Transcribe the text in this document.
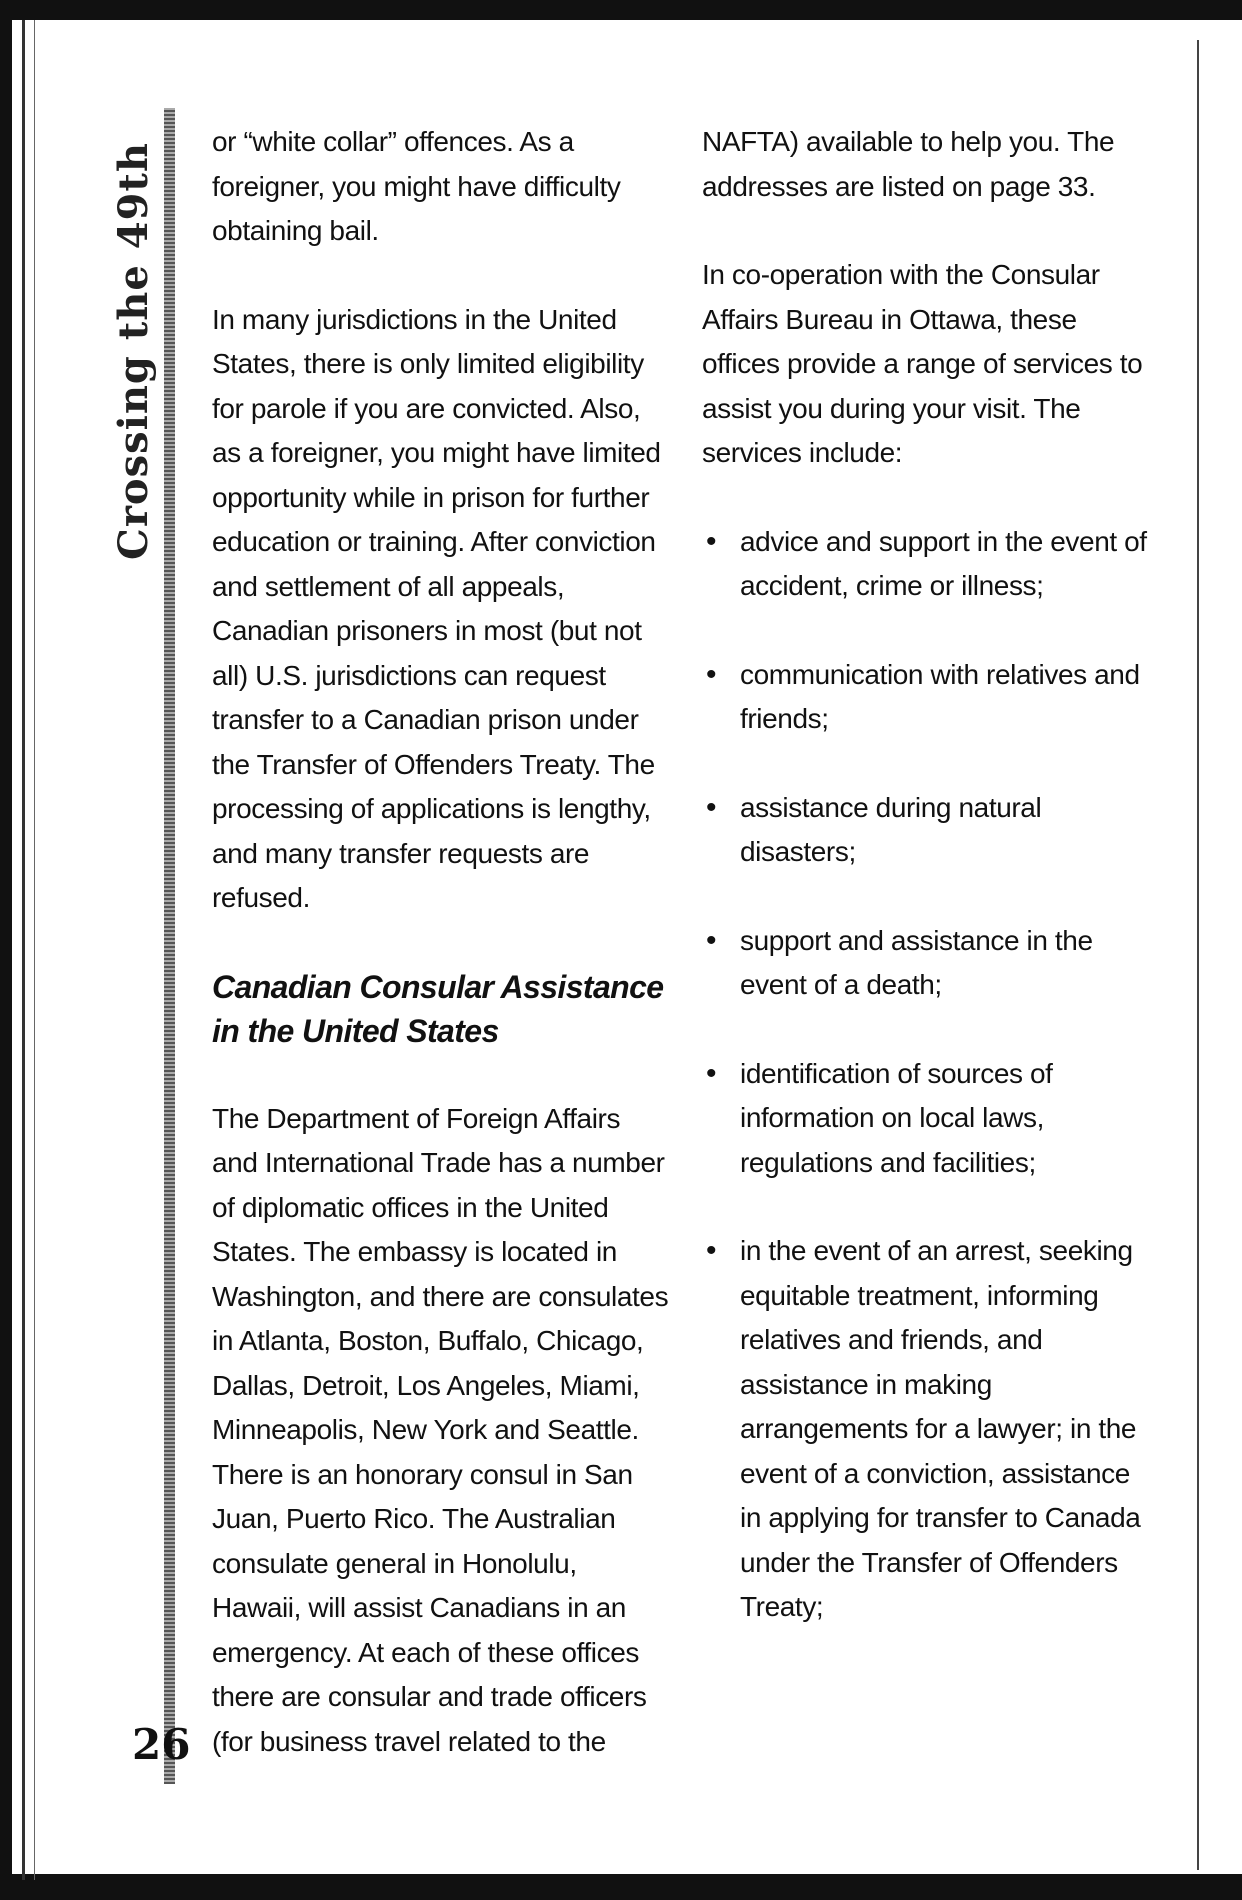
Crossing the 49th
26

or “white collar” offences. As a foreigner, you might have difficulty obtaining bail.

In many jurisdictions in the United States, there is only limited eligibility for parole if you are convicted. Also, as a foreigner, you might have limited opportunity while in prison for further education or training. After conviction and settlement of all appeals, Canadian prisoners in most (but not all) U.S. jurisdictions can request transfer to a Canadian prison under the Transfer of Offenders Treaty. The processing of applications is lengthy, and many transfer requests are refused.

Canadian Consular Assistance in the United States

The Department of Foreign Affairs and International Trade has a number of diplomatic offices in the United States. The embassy is located in Washington, and there are consulates in Atlanta, Boston, Buffalo, Chicago, Dallas, Detroit, Los Angeles, Miami, Minneapolis, New York and Seattle. There is an honorary consul in San Juan, Puerto Rico. The Australian consulate general in Honolulu, Hawaii, will assist Canadians in an emergency. At each of these offices there are consular and trade officers (for business travel related to the

NAFTA) available to help you. The addresses are listed on page 33.

In co-operation with the Consular Affairs Bureau in Ottawa, these offices provide a range of services to assist you during your visit. The services include:

• advice and support in the event of accident, crime or illness;
• communication with relatives and friends;
• assistance during natural disasters;
• support and assistance in the event of a death;
• identification of sources of information on local laws, regulations and facilities;
• in the event of an arrest, seeking equitable treatment, informing relatives and friends, and assistance in making arrangements for a lawyer; in the event of a conviction, assistance in applying for transfer to Canada under the Transfer of Offenders Treaty;
